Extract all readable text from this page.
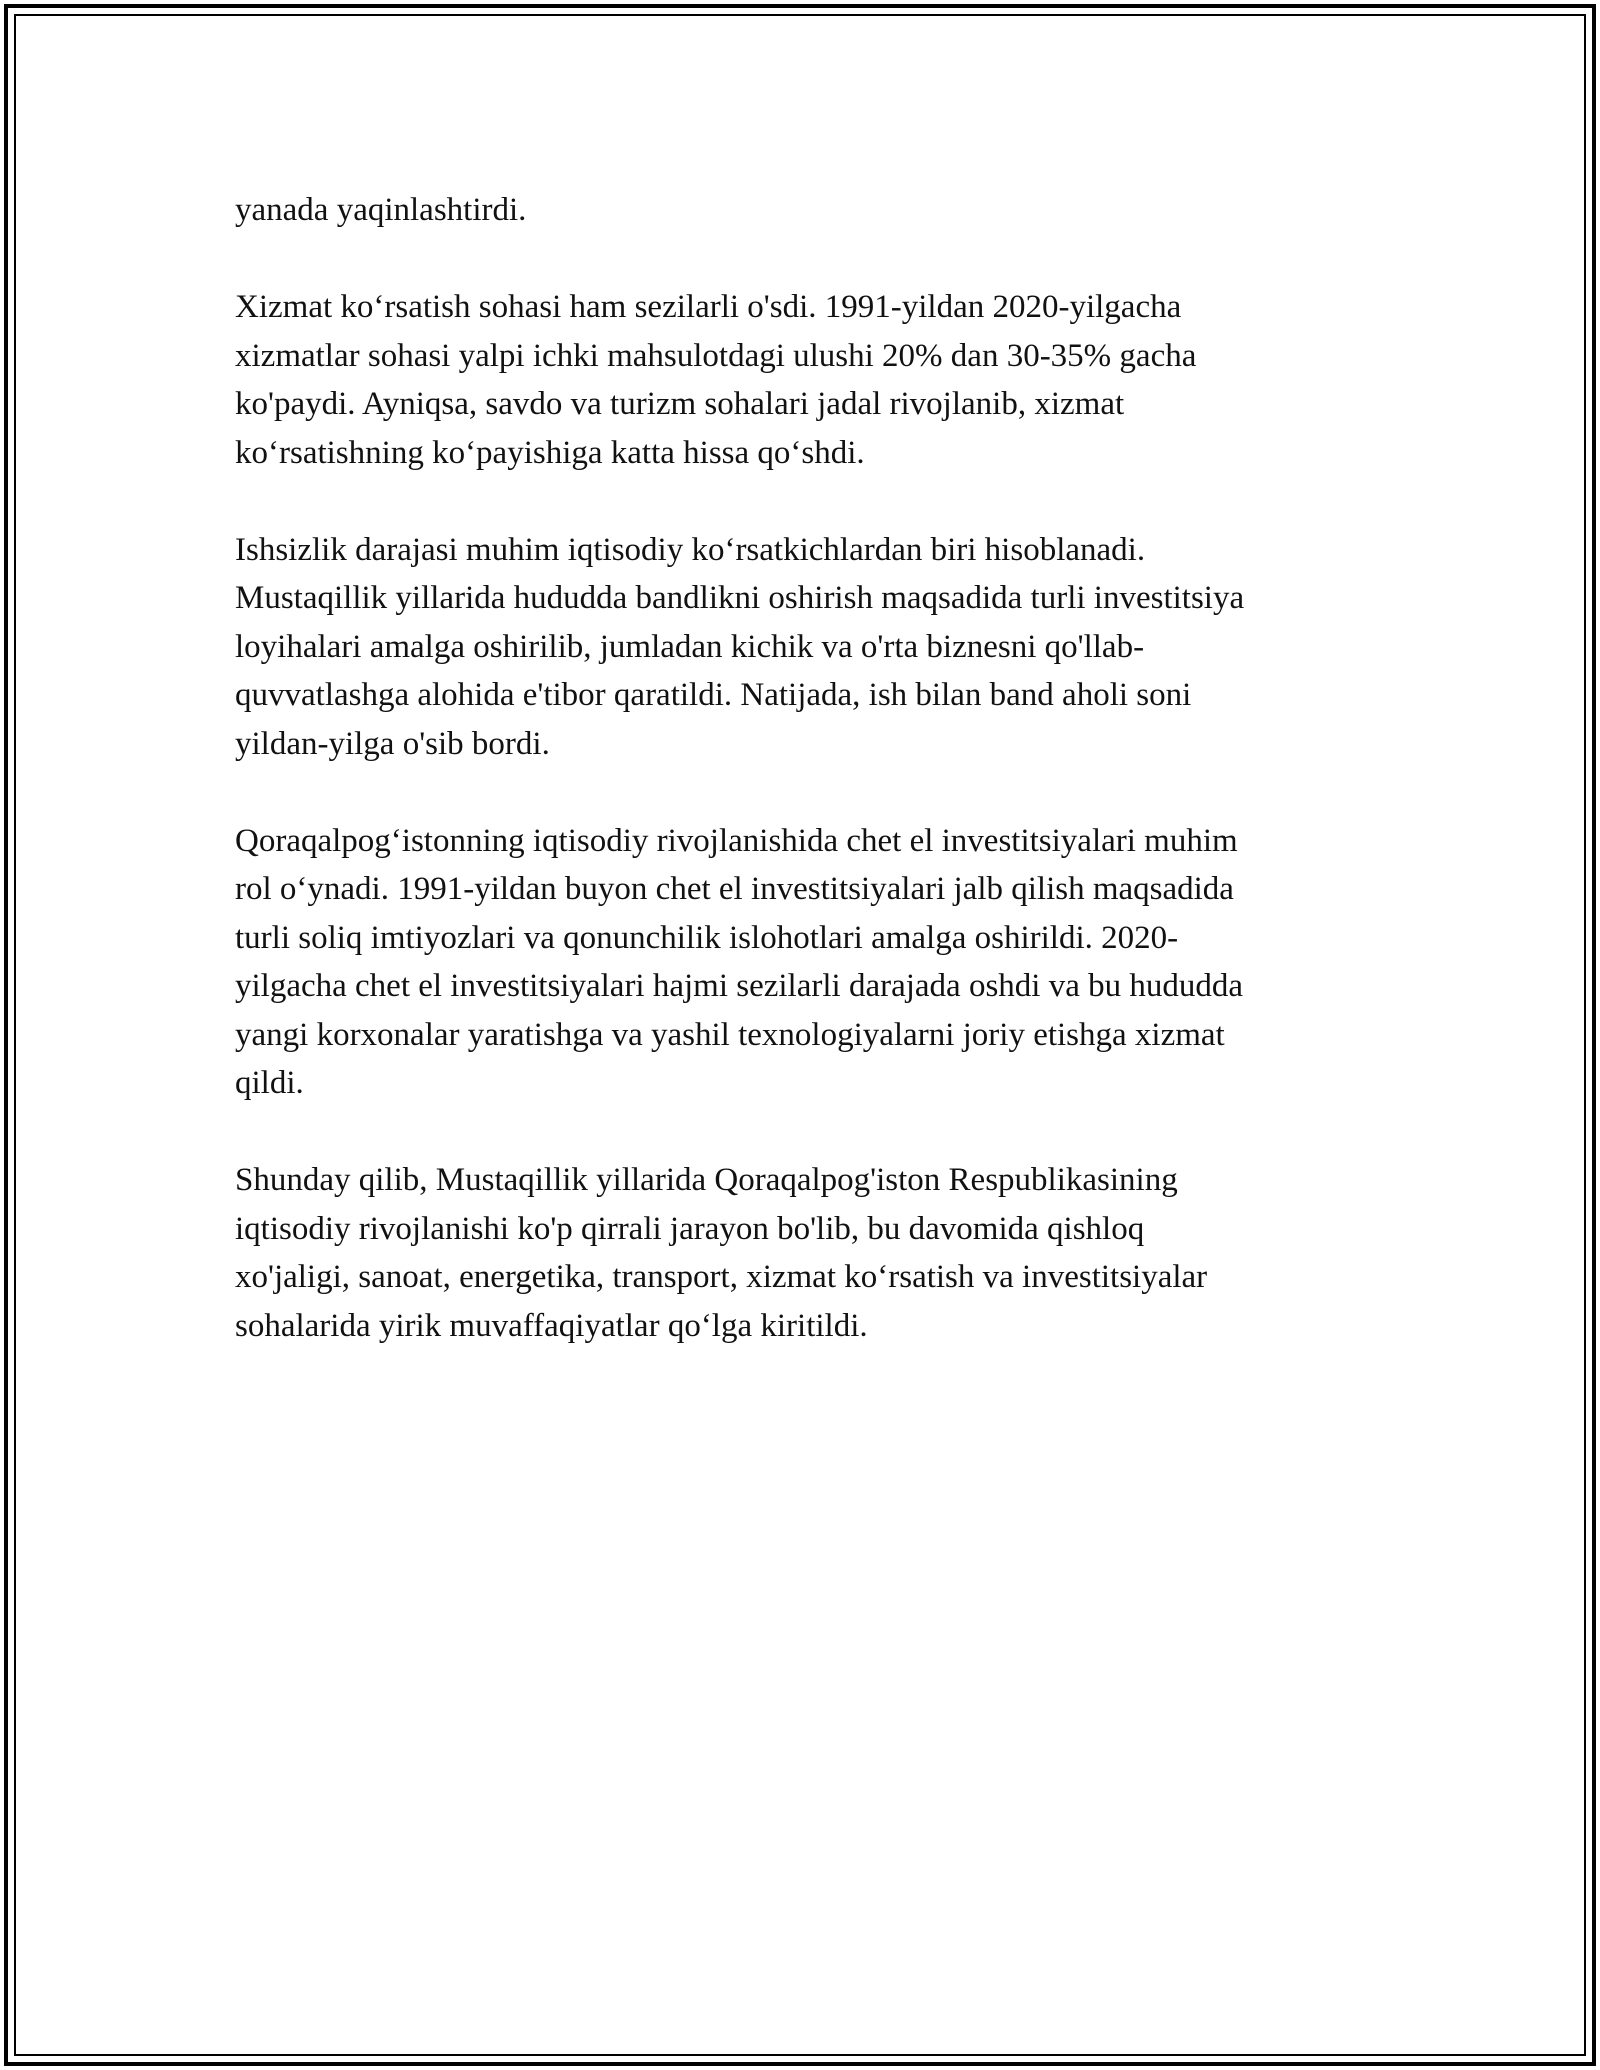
yanada yaqinlashtirdi.

Xizmat ko‘rsatish sohasi ham sezilarli o'sdi. 1991-yildan 2020-yilgacha
xizmatlar sohasi yalpi ichki mahsulotdagi ulushi 20% dan 30-35% gacha
ko'paydi. Ayniqsa, savdo va turizm sohalari jadal rivojlanib, xizmat
ko‘rsatishning ko‘payishiga katta hissa qo‘shdi.

Ishsizlik darajasi muhim iqtisodiy ko‘rsatkichlardan biri hisoblanadi.
Mustaqillik yillarida hududda bandlikni oshirish maqsadida turli investitsiya
loyihalari amalga oshirilib, jumladan kichik va o'rta biznesni qo'llab-
quvvatlashga alohida e'tibor qaratildi. Natijada, ish bilan band aholi soni
yildan-yilga o'sib bordi.

Qoraqalpog‘istonning iqtisodiy rivojlanishida chet el investitsiyalari muhim
rol o‘ynadi. 1991-yildan buyon chet el investitsiyalari jalb qilish maqsadida
turli soliq imtiyozlari va qonunchilik islohotlari amalga oshirildi. 2020-
yilgacha chet el investitsiyalari hajmi sezilarli darajada oshdi va bu hududda
yangi korxonalar yaratishga va yashil texnologiyalarni joriy etishga xizmat
qildi.

Shunday qilib, Mustaqillik yillarida Qoraqalpog'iston Respublikasining
iqtisodiy rivojlanishi ko'p qirrali jarayon bo'lib, bu davomida qishloq
xo'jaligi, sanoat, energetika, transport, xizmat ko‘rsatish va investitsiyalar
sohalarida yirik muvaffaqiyatlar qo‘lga kiritildi.
